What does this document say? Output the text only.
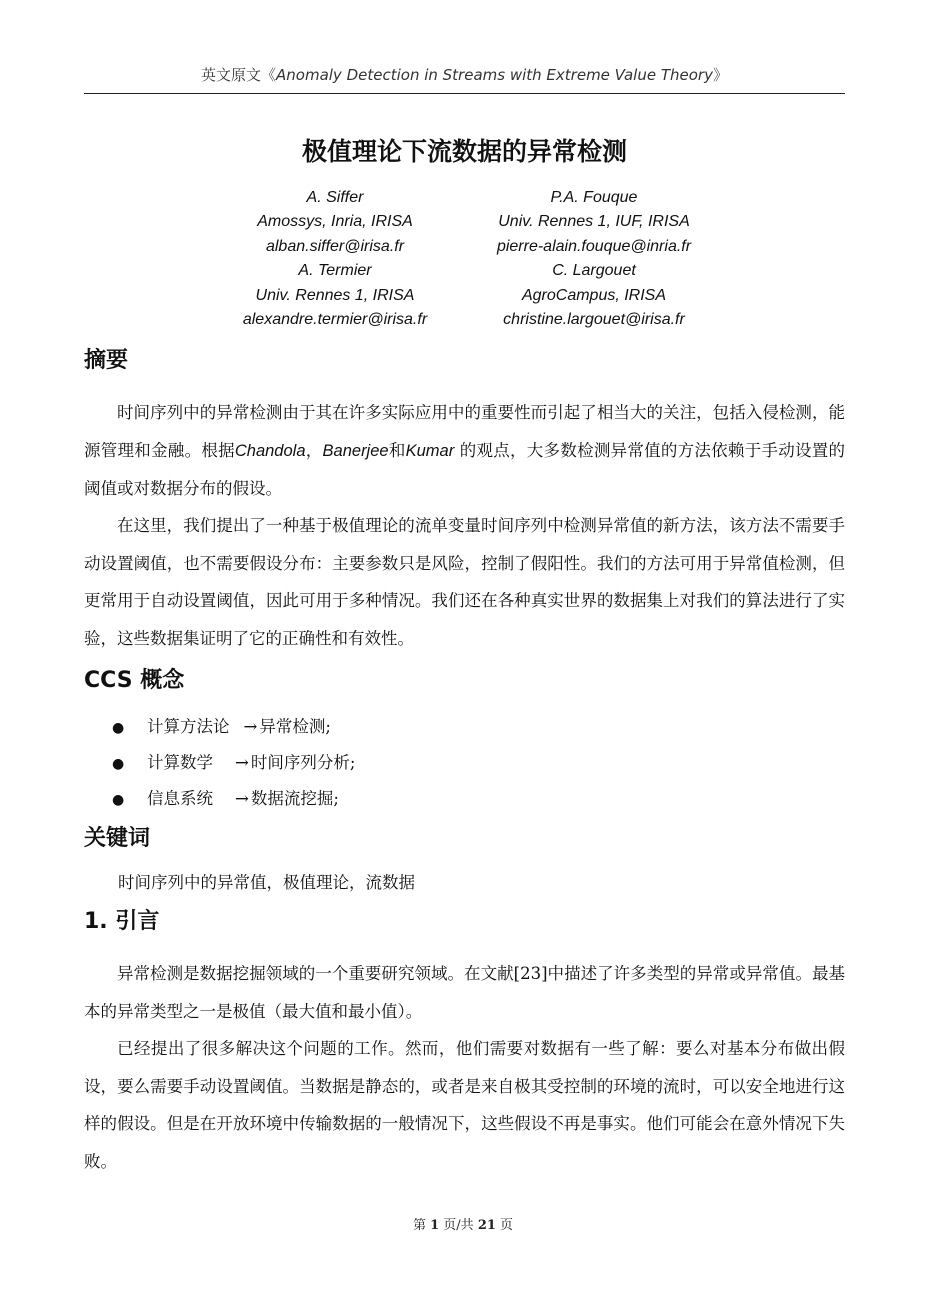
英文原文《Anomaly Detection in Streams with Extreme Value Theory》
极值理论下流数据的异常检测
A. Siffer
Amossys, Inria, IRISA
alban.siffer@irisa.fr
A. Termier
Univ. Rennes 1, IRISA
alexandre.termier@irisa.fr
P.A. Fouque
Univ. Rennes 1, IUF, IRISA
pierre-alain.fouque@inria.fr
C. Largouet
AgroCampus, IRISA
christine.largouet@irisa.fr
摘要
时间序列中的异常检测由于其在许多实际应用中的重要性而引起了相当大的关注，包括入侵检测，能源管理和金融。根据Chandola，Banerjee和Kumar 的观点，大多数检测异常值的方法依赖于手动设置的阈值或对数据分布的假设。
在这里，我们提出了一种基于极值理论的流单变量时间序列中检测异常值的新方法，该方法不需要手动设置阈值，也不需要假设分布：主要参数只是风险，控制了假阳性。我们的方法可用于异常值检测，但更常用于自动设置阈值，因此可用于多种情况。我们还在各种真实世界的数据集上对我们的算法进行了实验，这些数据集证明了它的正确性和有效性。
CCS 概念
● 计算方法论 → 异常检测;
● 计算数学 → 时间序列分析;
● 信息系统 → 数据流挖掘;
关键词
时间序列中的异常值，极值理论，流数据
1. 引言
异常检测是数据挖掘领域的一个重要研究领域。在文献[23]中描述了许多类型的异常或异常值。最基本的异常类型之一是极值（最大值和最小值）。
已经提出了很多解决这个问题的工作。然而，他们需要对数据有一些了解：要么对基本分布做出假设，要么需要手动设置阈值。当数据是静态的，或者是来自极其受控制的环境的流时，可以安全地进行这样的假设。但是在开放环境中传输数据的一般情况下，这些假设不再是事实。他们可能会在意外情况下失败。
第 1 页/共 21 页
